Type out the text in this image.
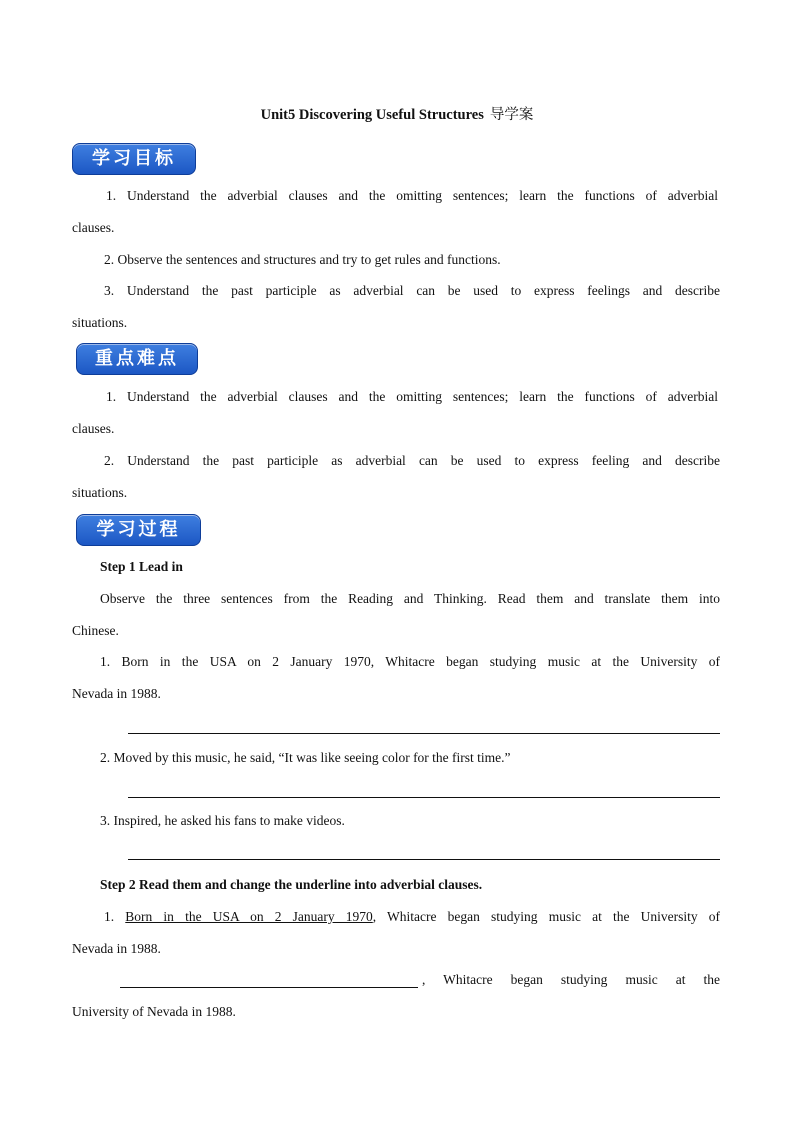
Unit5 Discovering Useful Structures 导学案
学习目标
1. Understand the adverbial clauses and the omitting sentences; learn the functions of adverbial
clauses.
2. Observe the sentences and structures and try to get rules and functions.
3. Understand the past participle as adverbial can be used to express feelings and describe
situations.
重点难点
1. Understand the adverbial clauses and the omitting sentences; learn the functions of adverbial
clauses.
2. Understand the past participle as adverbial can be used to express feeling and describe
situations.
学习过程
Step 1 Lead in
Observe the three sentences from the Reading and Thinking. Read them and translate them into
Chinese.
1. Born in the USA on 2 January 1970, Whitacre began studying music at the University of
Nevada in 1988.
2. Moved by this music, he said, “It was like seeing color for the first time.”
3. Inspired, he asked his fans to make videos.
Step 2 Read them and change the underline into adverbial clauses.
1. Born in the USA on 2 January 1970, Whitacre began studying music at the University of
Nevada in 1988.
, Whitacre began studying music at the
University of Nevada in 1988.
